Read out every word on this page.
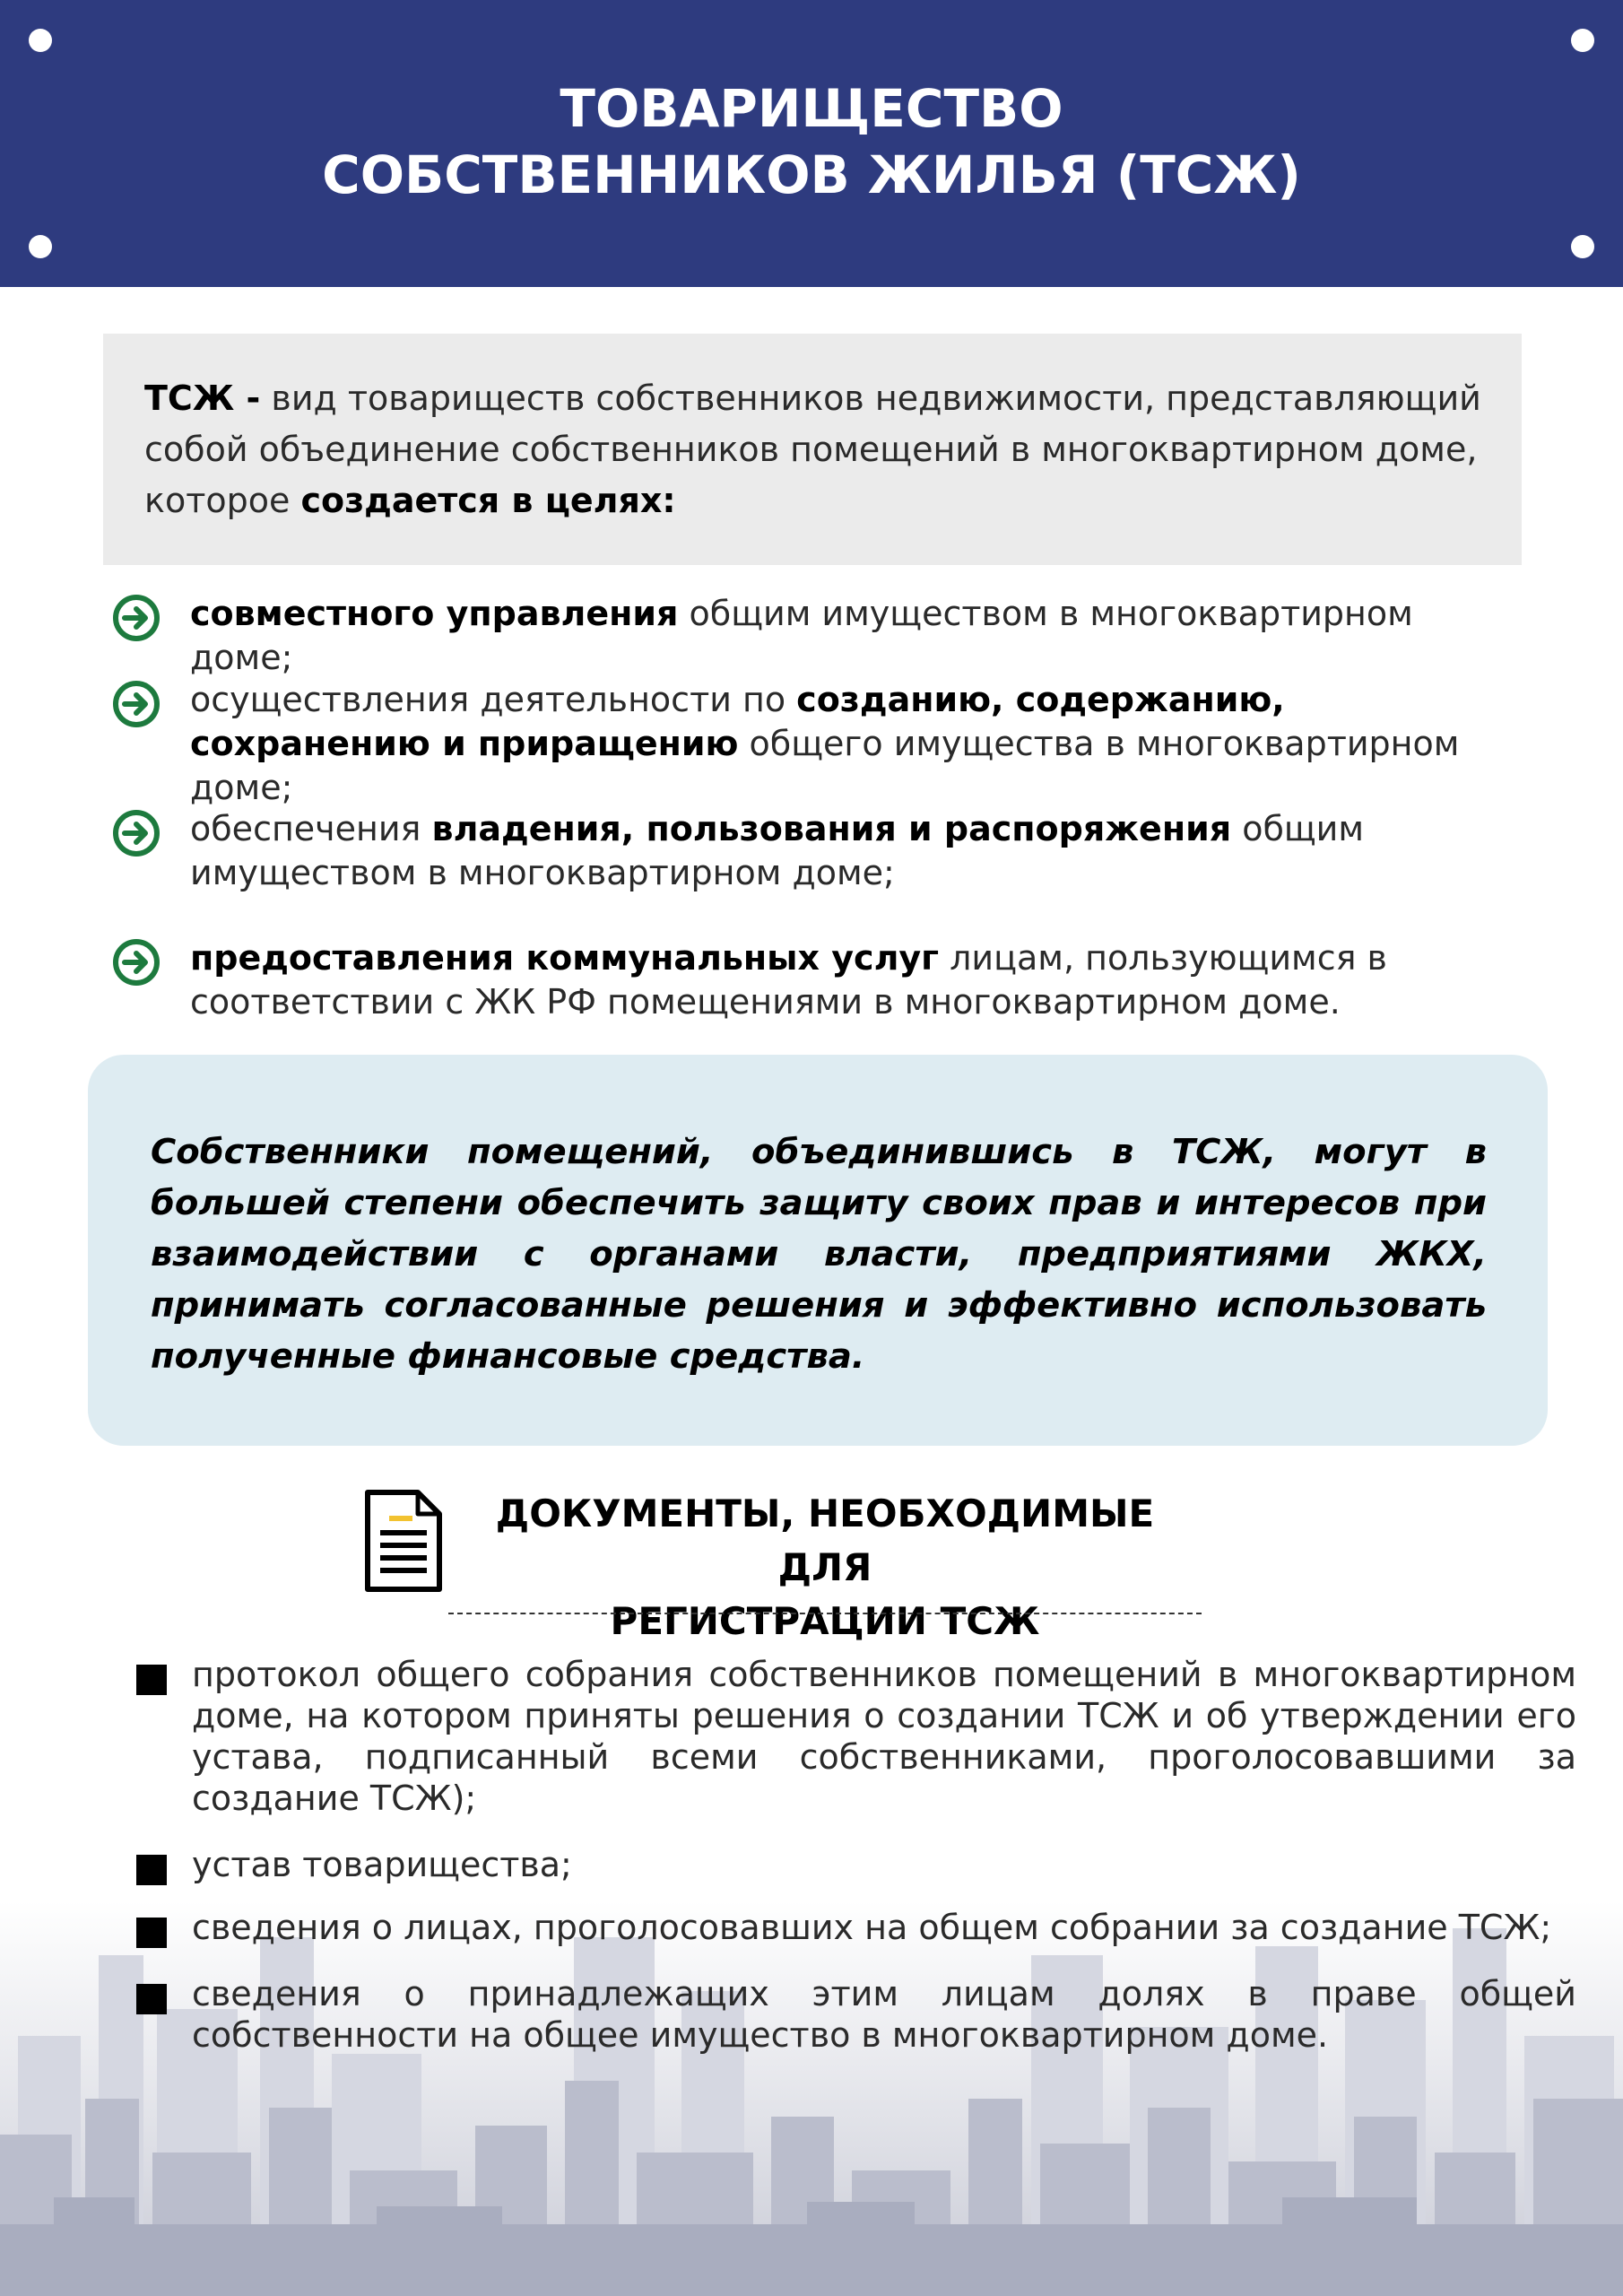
ТОВАРИЩЕСТВО
СОБСТВЕННИКОВ ЖИЛЬЯ (ТСЖ)
ТСЖ - вид товариществ собственников недвижимости, представляющий собой объединение собственников помещений в многоквартирном доме, которое создается в целях:
совместного управления общим имуществом в многоквартирном доме;
осуществления деятельности по созданию, содержанию, сохранению и приращению общего имущества в многоквартирном доме;
обеспечения владения, пользования и распоряжения общим имуществом в многоквартирном доме;
предоставления коммунальных услуг лицам, пользующимся в соответствии с ЖК РФ помещениями в многоквартирном доме.
Собственники помещений, объединившись в ТСЖ, могут в большей степени обеспечить защиту своих прав и интересов при взаимодействии с органами власти, предприятиями ЖКХ, принимать согласованные решения и эффективно использовать полученные финансовые средства.
ДОКУМЕНТЫ, НЕОБХОДИМЫЕ ДЛЯ
РЕГИСТРАЦИИ ТСЖ
протокол общего собрания собственников помещений в многоквартирном доме, на котором приняты решения о создании ТСЖ и об утверждении его устава, подписанный всеми собственниками, проголосовавшими за создание ТСЖ);
устав товарищества;
сведения о лицах, проголосовавших на общем собрании за создание ТСЖ;
сведения о принадлежащих этим лицам долях в праве общей собственности на общее имущество в многоквартирном доме.
